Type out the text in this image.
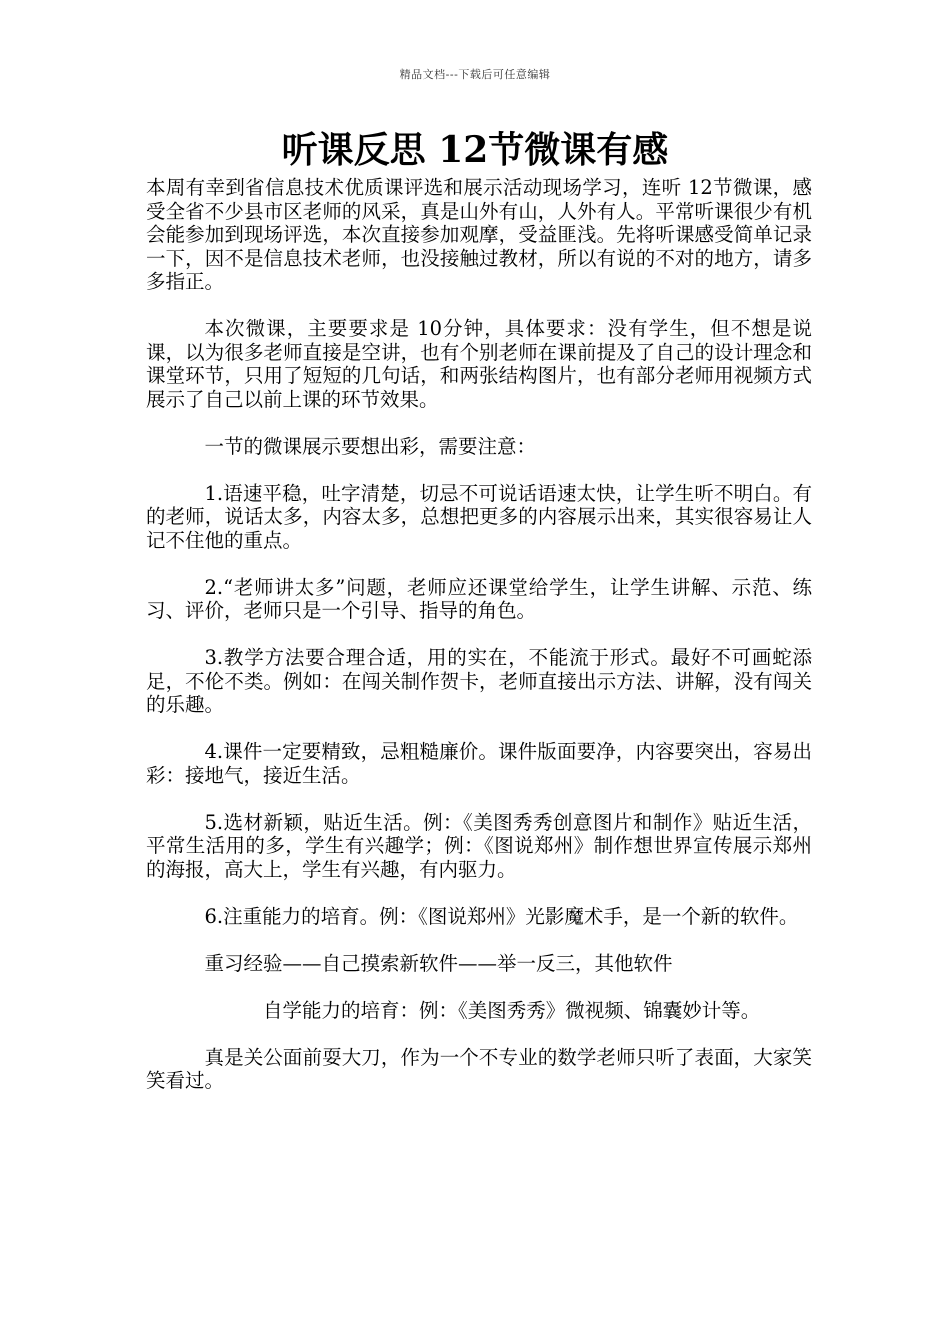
精品文档---下载后可任意编辑
听课反思 12节微课有感

本周有幸到省信息技术优质课评选和展示活动现场学习，连听 12节微课，感受全省不少县市区老师的风采，真是山外有山，人外有人。平常听课很少有机会能参加到现场评选，本次直接参加观摩，受益匪浅。先将听课感受简单记录一下，因不是信息技术老师，也没接触过教材，所以有说的不对的地方，请多多指正。

本次微课，主要要求是 10分钟，具体要求：没有学生，但不想是说课，以为很多老师直接是空讲，也有个别老师在课前提及了自己的设计理念和课堂环节，只用了短短的几句话，和两张结构图片，也有部分老师用视频方式展示了自己以前上课的环节效果。

一节的微课展示要想出彩，需要注意：

1.语速平稳，吐字清楚，切忌不可说话语速太快，让学生听不明白。有的老师，说话太多，内容太多，总想把更多的内容展示出来，其实很容易让人记不住他的重点。

2.“老师讲太多”问题，老师应还课堂给学生，让学生讲解、示范、练习、评价，老师只是一个引导、指导的角色。

3.教学方法要合理合适，用的实在，不能流于形式。最好不可画蛇添足，不伦不类。例如：在闯关制作贺卡，老师直接出示方法、讲解，没有闯关的乐趣。

4.课件一定要精致，忌粗糙廉价。课件版面要净，内容要突出，容易出彩：接地气，接近生活。

5.选材新颖，贴近生活。例：《美图秀秀创意图片和制作》贴近生活，平常生活用的多，学生有兴趣学；例：《图说郑州》制作想世界宣传展示郑州的海报，高大上，学生有兴趣，有内驱力。

6.注重能力的培育。例：《图说郑州》光影魔术手，是一个新的软件。

重习经验——自己摸索新软件——举一反三，其他软件

自学能力的培育：例：《美图秀秀》微视频、锦囊妙计等。

真是关公面前耍大刀，作为一个不专业的数学老师只听了表面，大家笑笑看过。
